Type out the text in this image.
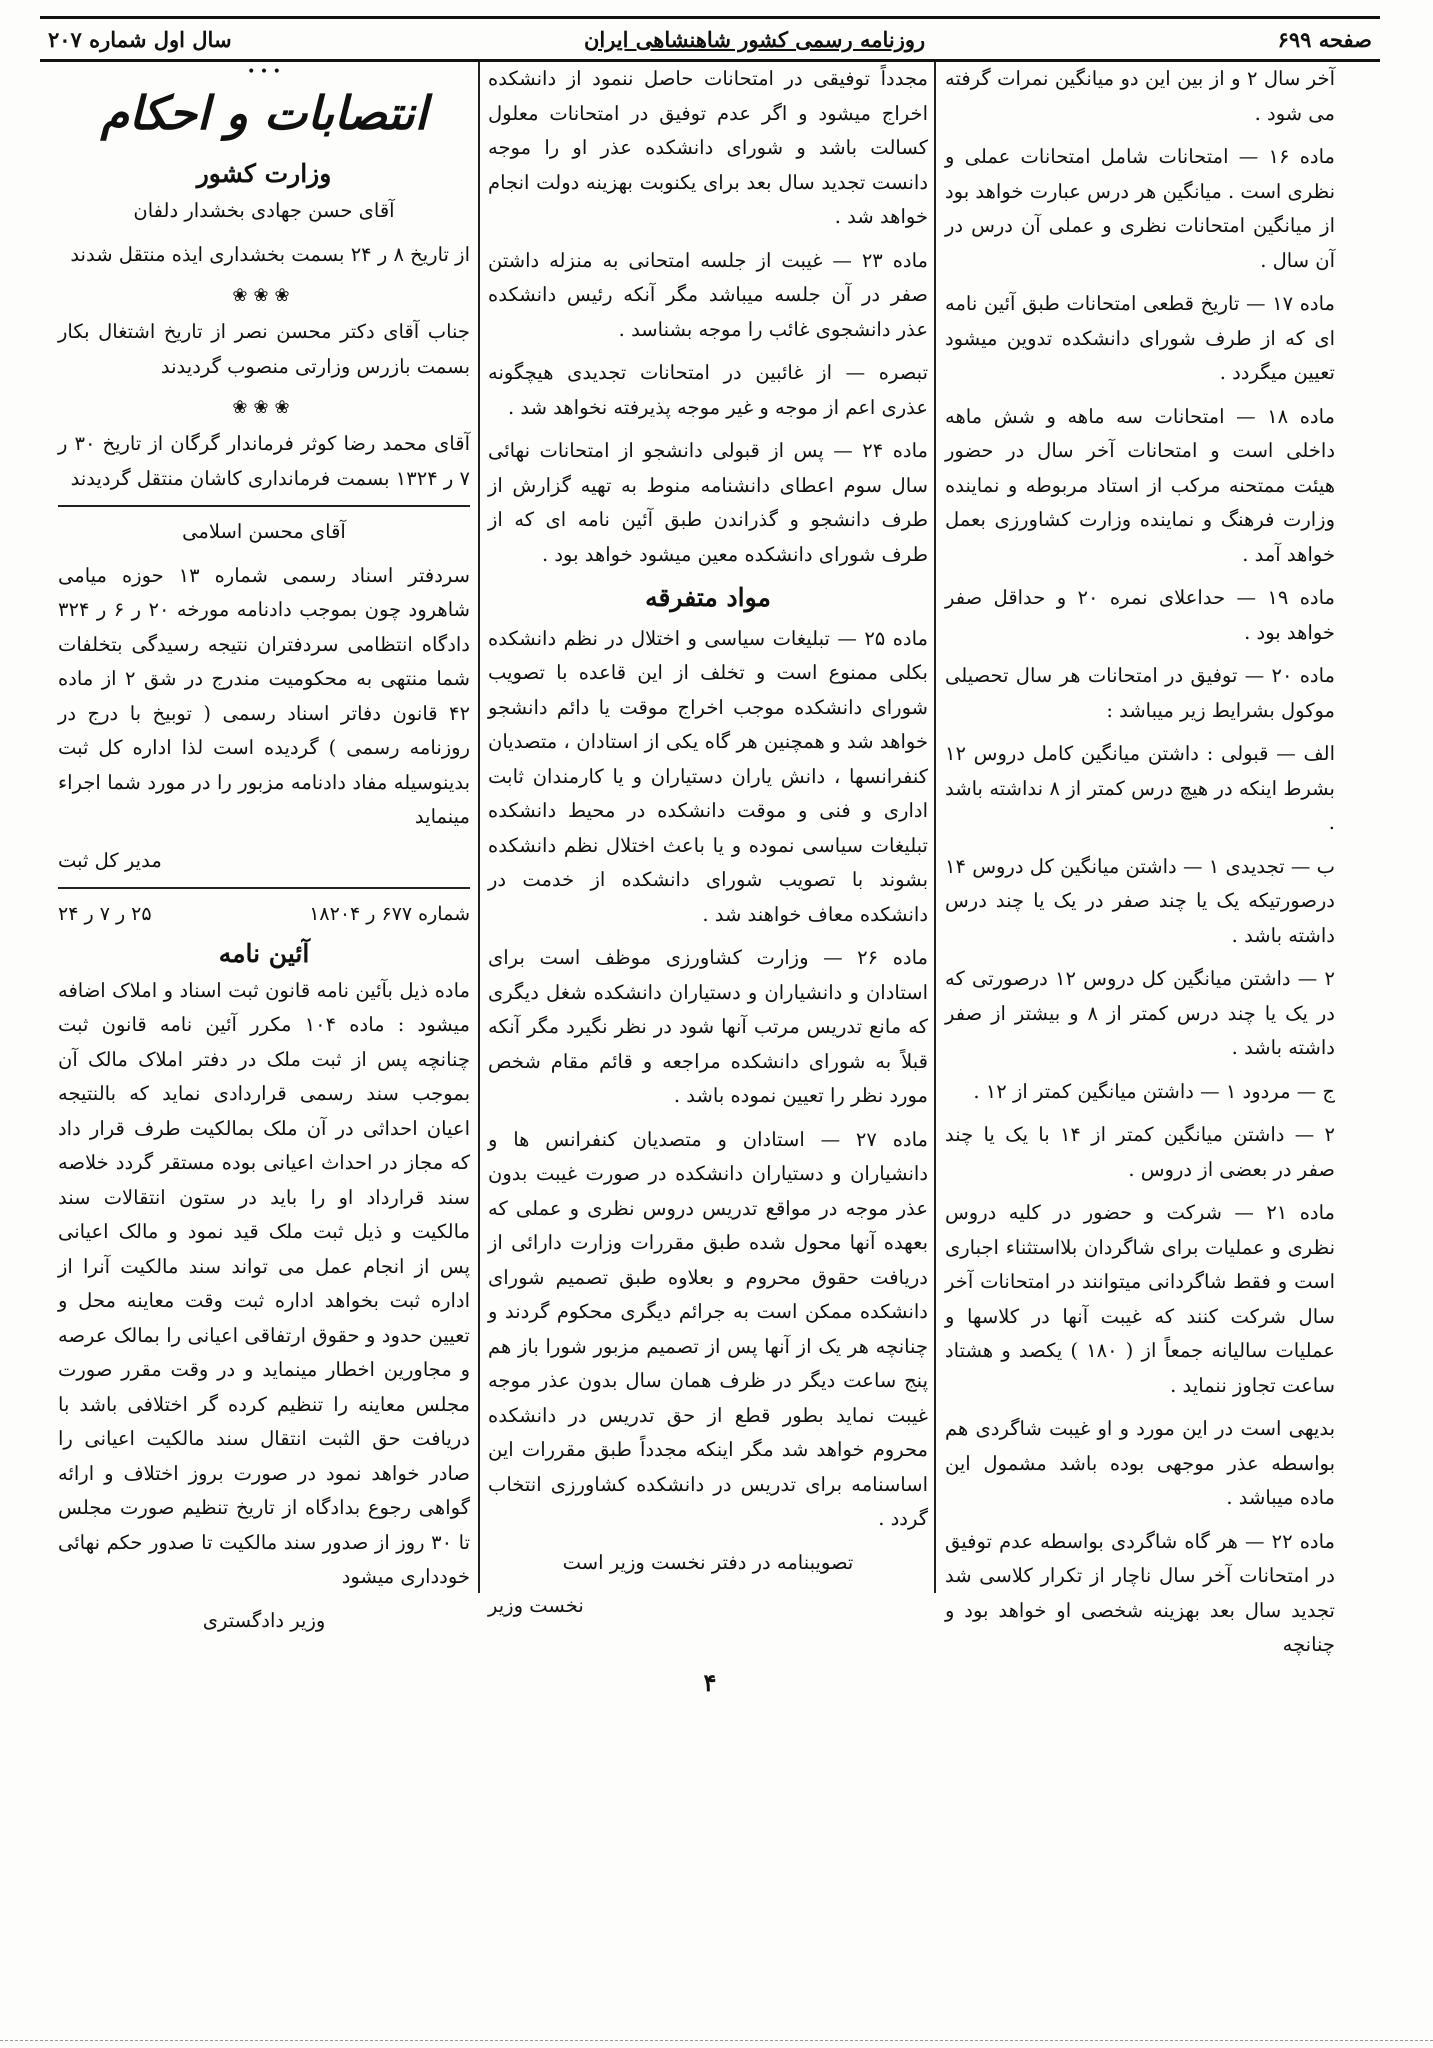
صفحه ۶۹۹
روزنامه رسمی کشور شاهنشاهی ایران
سال اول شماره ۲۰۷

آخر سال ۲ و از بین این دو میانگین نمرات گرفته می شود .

ماده ۱۶ — امتحانات شامل امتحانات عملی و نظری است . میانگین هر درس عبارت خواهد بود از میانگین امتحانات نظری و عملی آن درس در آن سال .

ماده ۱۷ — تاریخ قطعی امتحانات طبق آئین نامه ای که از طرف شورای دانشکده تدوین میشود تعیین میگردد .

ماده ۱۸ — امتحانات سه ماهه و شش ماهه داخلی است و امتحانات آخر سال در حضور هیئت ممتحنه مرکب از استاد مربوطه و نماینده وزارت فرهنگ و نماینده وزارت کشاورزی بعمل خواهد آمد .

ماده ۱۹ — حداعلای نمره ۲۰ و حداقل صفر خواهد بود .

ماده ۲۰ — توفیق در امتحانات هر سال تحصیلی موکول بشرایط زیر میباشد :

الف — قبولی : داشتن میانگین کامل دروس ۱۲ بشرط اینکه در هیچ درس کمتر از ۸ نداشته باشد .

ب — تجدیدی ۱ — داشتن میانگین کل دروس ۱۴ درصورتیکه یک یا چند صفر در یک یا چند درس داشته باشد .

۲ — داشتن میانگین کل دروس ۱۲ درصورتی که در یک یا چند درس کمتر از ۸ و بیشتر از صفر داشته باشد .

ج — مردود ۱ — داشتن میانگین کمتر از ۱۲ .

۲ — داشتن میانگین کمتر از ۱۴ با یک یا چند صفر در بعضی از دروس .

ماده ۲۱ — شرکت و حضور در کلیه دروس نظری و عملیات برای شاگردان بلااستثناء اجباری است و فقط شاگردانی میتوانند در امتحانات آخر سال شرکت کنند که غیبت آنها در کلاسها و عملیات سالیانه جمعاً از ( ۱۸۰ ) یکصد و هشتاد ساعت تجاوز ننماید .

بدیهی است در این مورد و او غیبت شاگردی هم بواسطه عذر موجهی بوده باشد مشمول این ماده میباشد .

ماده ۲۲ — هر گاه شاگردی بواسطه عدم توفیق در امتحانات آخر سال ناچار از تکرار کلاسی شد تجدید سال بعد بهزینه شخصی او خواهد بود و چنانچه

مجدداً توفیقی در امتحانات حاصل ننمود از دانشکده اخراج میشود و اگر عدم توفیق در امتحانات معلول کسالت باشد و شورای دانشکده عذر او را موجه دانست تجدید سال بعد برای یکنوبت بهزینه دولت انجام خواهد شد .

ماده ۲۳ — غیبت از جلسه امتحانی به منزله داشتن صفر در آن جلسه میباشد مگر آنکه رئیس دانشکده عذر دانشجوی غائب را موجه بشناسد .

تبصره — از غائبین در امتحانات تجدیدی هیچگونه عذری اعم از موجه و غیر موجه پذیرفته نخواهد شد .

ماده ۲۴ — پس از قبولی دانشجو از امتحانات نهائی سال سوم اعطای دانشنامه منوط به تهیه گزارش از طرف دانشجو و گذراندن طبق آئین نامه ای که از طرف شورای دانشکده معین میشود خواهد بود .

مواد متفرقه

ماده ۲۵ — تبلیغات سیاسی و اختلال در نظم دانشکده بکلی ممنوع است و تخلف از این قاعده با تصویب شورای دانشکده موجب اخراج موقت یا دائم دانشجو خواهد شد و همچنین هر گاه یکی از استادان ، متصدیان کنفرانسها ، دانش یاران دستیاران و یا کارمندان ثابت اداری و فنی و موقت دانشکده در محیط دانشکده تبلیغات سیاسی نموده و یا باعث اختلال نظم دانشکده بشوند با تصویب شورای دانشکده از خدمت در دانشکده معاف خواهند شد .

ماده ۲۶ — وزارت کشاورزی موظف است برای استادان و دانشیاران و دستیاران دانشکده شغل دیگری که مانع تدریس مرتب آنها شود در نظر نگیرد مگر آنکه قبلاً به شورای دانشکده مراجعه و قائم مقام شخص مورد نظر را تعیین نموده باشد .

ماده ۲۷ — استادان و متصدیان کنفرانس ها و دانشیاران و دستیاران دانشکده در صورت غیبت بدون عذر موجه در مواقع تدریس دروس نظری و عملی که بعهده آنها محول شده طبق مقررات وزارت دارائی از دریافت حقوق محروم و بعلاوه طبق تصمیم شورای دانشکده ممکن است به جرائم دیگری محکوم گردند و چنانچه هر یک از آنها پس از تصمیم مزبور شورا باز هم پنج ساعت دیگر در ظرف همان سال بدون عذر موجه غیبت نماید بطور قطع از حق تدریس در دانشکده محروم خواهد شد مگر اینکه مجدداً طبق مقررات این اساسنامه برای تدریس در دانشکده کشاورزی انتخاب گردد .

تصویبنامه در دفتر نخست وزیر است

نخست وزیر

• • •
انتصابات و احکام
وزارت کشور

آقای حسن جهادی بخشدار دلفان

از تاریخ ۸ ر ۲۴ بسمت بخشداری ایذه منتقل شدند

❀❀❀

جناب آقای دکتر محسن نصر از تاریخ اشتغال بکار بسمت بازرس وزارتی منصوب گردیدند

❀❀❀

آقای محمد رضا کوثر فرماندار گرگان از تاریخ ۳۰ ر ۷ ر ۱۳۲۴ بسمت فرمانداری کاشان منتقل گردیدند

آقای محسن اسلامی

سردفتر اسناد رسمی شماره ۱۳ حوزه میامی شاهرود چون بموجب دادنامه مورخه ۲۰ ر ۶ ر ۳۲۴ دادگاه انتظامی سردفتران نتیجه رسیدگی بتخلفات شما منتهی به محکومیت مندرج در شق ۲ از ماده ۴۲ قانون دفاتر اسناد رسمی ( توبیخ با درج در روزنامه رسمی ) گردیده است لذا اداره کل ثبت بدینوسیله مفاد دادنامه مزبور را در مورد شما اجراء مینماید

مدیر کل ثبت

شماره ۶۷۷ ر ۱۸۲۰۴
۲۵ ر ۷ ر ۲۴
آئین نامه

ماده ذیل بآئین نامه قانون ثبت اسناد و املاک اضافه میشود : ماده ۱۰۴ مکرر آئین نامه قانون ثبت چنانچه پس از ثبت ملک در دفتر املاک مالک آن بموجب سند رسمی قراردادی نماید که بالنتیجه اعیان احداثی در آن ملک بمالکیت طرف قرار داد که مجاز در احداث اعیانی بوده مستقر گردد خلاصه سند قرارداد او را باید در ستون انتقالات سند مالکیت و ذیل ثبت ملک قید نمود و مالک اعیانی پس از انجام عمل می تواند سند مالکیت آنرا از اداره ثبت بخواهد اداره ثبت وقت معاینه محل و تعیین حدود و حقوق ارتفاقی اعیانی را بمالک عرصه و مجاورین اخطار مینماید و در وقت مقرر صورت مجلس معاینه را تنظیم کرده گر اختلافی باشد با دریافت حق الثبت انتقال سند مالکیت اعیانی را صادر خواهد نمود در صورت بروز اختلاف و ارائه گواهی رجوع بدادگاه از تاریخ تنظیم صورت مجلس تا ۳۰ روز از صدور سند مالکیت تا صدور حکم نهائی خودداری میشود

وزیر دادگستری

۴
